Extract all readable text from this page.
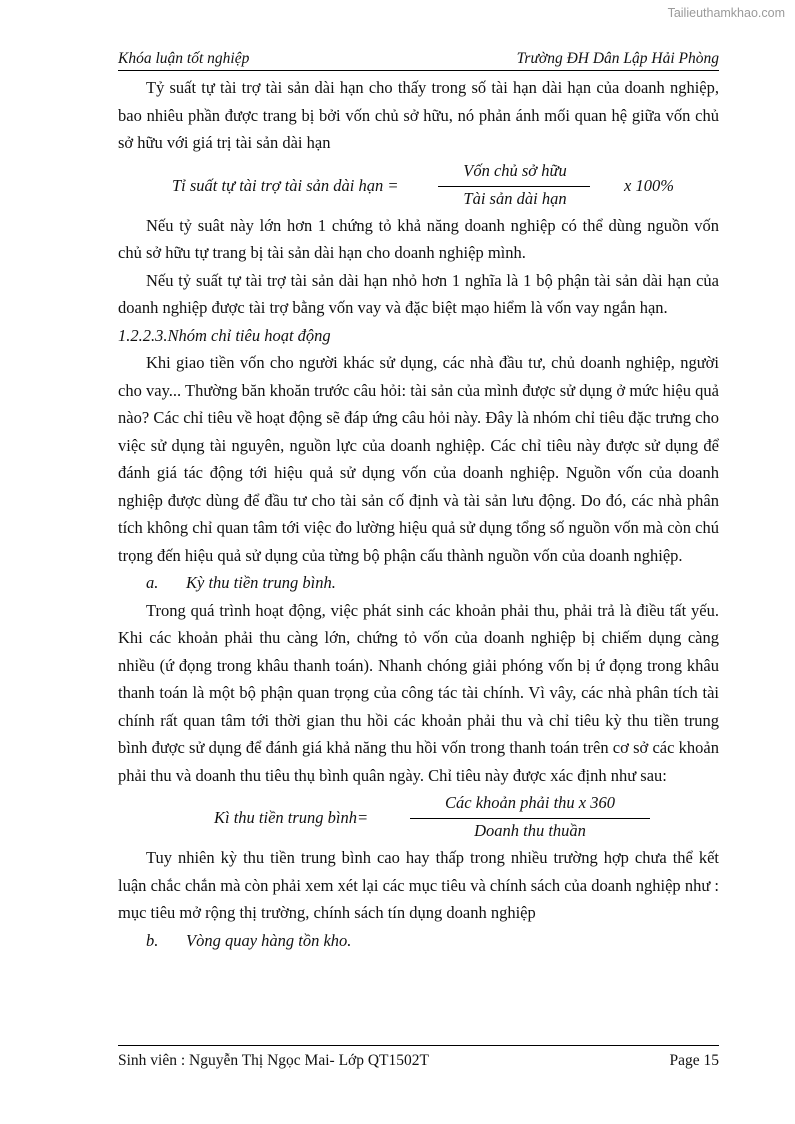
Tailieuthamkhao.com
Khóa luận tốt nghiệp	Trường ĐH Dân Lập Hải Phòng

Tỷ suất tự tài trợ tài sản dài hạn cho thấy trong số tài hạn dài hạn của doanh nghiệp, bao nhiêu phần được trang bị bởi vốn chủ sở hữu, nó phản ánh mối quan hệ giữa vốn chủ sở hữu với giá trị tài sản dài hạn

Tỉ suất tự tài trợ tài sản dài hạn =
Vốn chủ sở hữu
Tài sản dài hạn
x 100%

Nếu tỷ suât này lớn hơn 1 chứng tỏ khả năng doanh nghiệp có thể dùng nguồn vốn chủ sở hữu tự trang bị tài sản dài hạn cho doanh nghiệp mình.

Nếu tỷ suất tự tài trợ tài sản dài hạn nhỏ hơn 1 nghĩa là 1 bộ phận tài sản dài hạn của doanh nghiệp được tài trợ bằng vốn vay và đặc biệt mạo hiểm là vốn vay ngắn hạn.

1.2.2.3.Nhóm chỉ tiêu hoạt động

Khi giao tiền vốn cho người khác sử dụng, các nhà đầu tư, chủ doanh nghiệp, người cho vay... Thường băn khoăn trước câu hỏi: tài sản của mình được sử dụng ở mức hiệu quả nào? Các chỉ tiêu về hoạt động sẽ đáp ứng câu hỏi này. Đây là nhóm chỉ tiêu đặc trưng cho việc sử dụng tài nguyên, nguồn lực của doanh nghiệp. Các chỉ tiêu này được sử dụng để đánh giá tác động tới hiệu quả sử dụng vốn của doanh nghiệp. Nguồn vốn của doanh nghiệp được dùng để đầu tư cho tài sản cố định và tài sản lưu động. Do đó, các nhà phân tích không chỉ quan tâm tới việc đo lường hiệu quả sử dụng tổng số nguồn vốn mà còn chú trọng đến hiệu quả sử dụng của từng bộ phận cấu thành nguồn vốn của doanh nghiệp.

a. Kỳ thu tiền trung bình.

Trong quá trình hoạt động, việc phát sinh các khoản phải thu, phải trả là điều tất yếu. Khi các khoản phải thu càng lớn, chứng tỏ vốn của doanh nghiệp bị chiếm dụng càng nhiều (ứ đọng trong khâu thanh toán). Nhanh chóng giải phóng vốn bị ứ đọng trong khâu thanh toán là một bộ phận quan trọng của công tác tài chính. Vì vây, các nhà phân tích tài chính rất quan tâm tới thời gian thu hồi các khoản phải thu và chỉ tiêu kỳ thu tiền trung bình được sử dụng để đánh giá khả năng thu hồi vốn trong thanh toán trên cơ sở các khoản phải thu và doanh thu tiêu thụ bình quân ngày. Chỉ tiêu này được xác định như sau:

Kì thu tiền trung bình=
Các khoản phải thu x 360
Doanh thu thuần

Tuy nhiên kỳ thu tiền trung bình cao hay thấp trong nhiều trường hợp chưa thể kết luận chắc chắn mà còn phải xem xét lại các mục tiêu và chính sách của doanh nghiệp như : mục tiêu mở rộng thị trường, chính sách tín dụng doanh nghiệp

b. Vòng quay hàng tồn kho.

Sinh viên : Nguyễn Thị Ngọc Mai- Lớp QT1502T	Page 15
